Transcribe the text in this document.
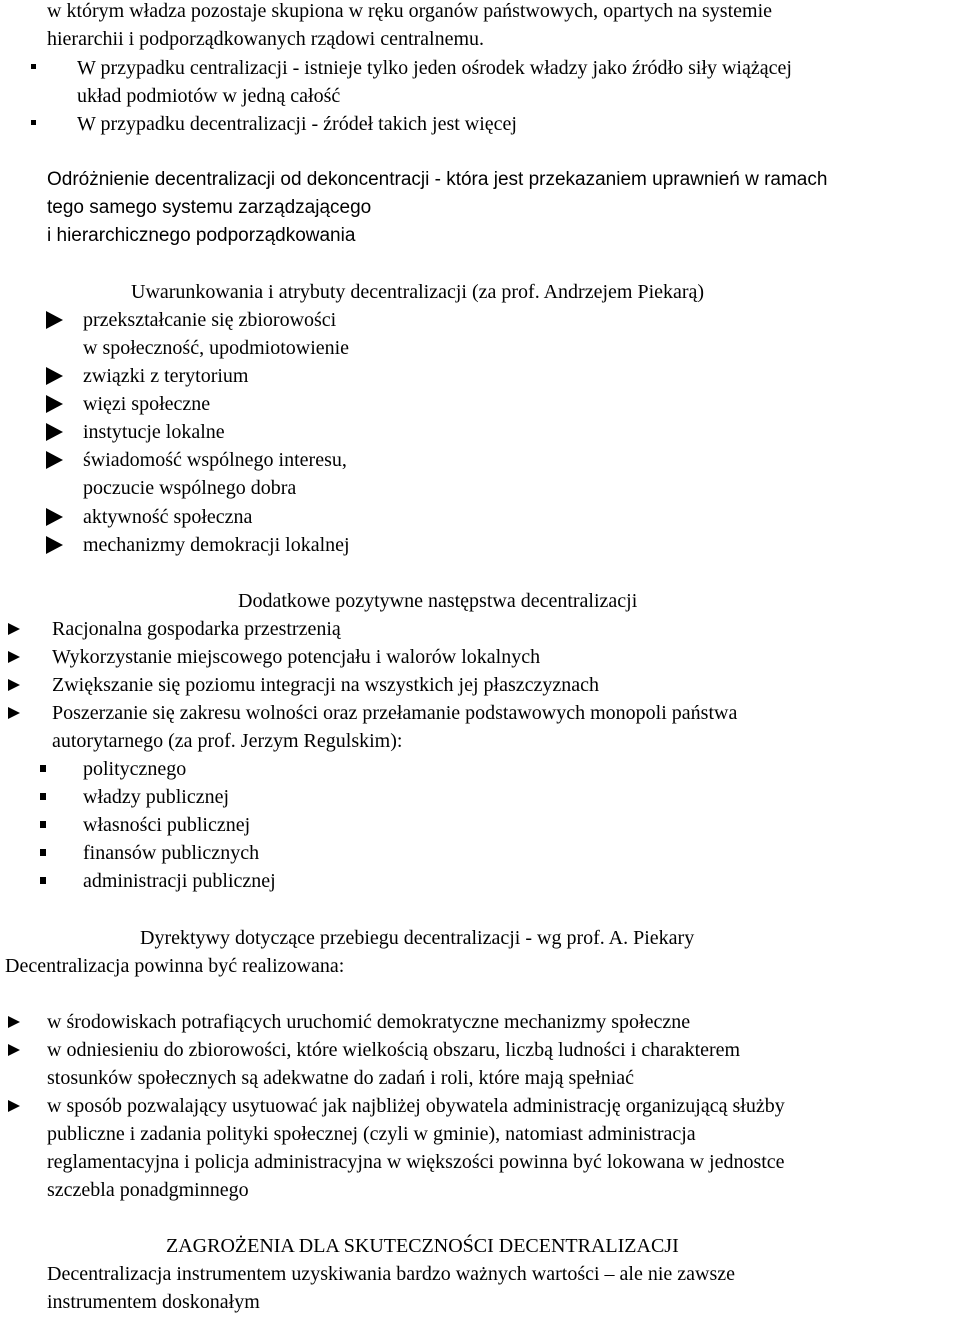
w którym władza pozostaje skupiona w ręku organów państwowych, opartych na systemie
hierarchii i podporządkowanych rządowi centralnemu.
W przypadku centralizacji - istnieje tylko jeden ośrodek władzy jako źródło siły wiążącej
układ podmiotów w jedną całość
W przypadku decentralizacji - źródeł takich jest więcej
Odróżnienie decentralizacji od dekoncentracji - która jest przekazaniem uprawnień w ramach
tego samego systemu zarządzającego
i hierarchicznego podporządkowania
Uwarunkowania i atrybuty decentralizacji (za prof. Andrzejem Piekarą)
przekształcanie się zbiorowości
w społeczność, upodmiotowienie
związki z terytorium
więzi społeczne
instytucje lokalne
świadomość wspólnego interesu,
poczucie wspólnego dobra
aktywność społeczna
mechanizmy demokracji lokalnej
Dodatkowe pozytywne następstwa decentralizacji
Racjonalna gospodarka przestrzenią
Wykorzystanie miejscowego potencjału i walorów lokalnych
Zwiększanie się poziomu integracji na wszystkich jej płaszczyznach
Poszerzanie się zakresu wolności oraz przełamanie podstawowych monopoli państwa
autorytarnego (za prof. Jerzym Regulskim):
politycznego
władzy publicznej
własności publicznej
finansów publicznych
administracji publicznej
Dyrektywy dotyczące przebiegu decentralizacji - wg prof. A. Piekary
Decentralizacja powinna być realizowana:
w środowiskach potrafiących uruchomić demokratyczne mechanizmy społeczne
w odniesieniu do zbiorowości, które wielkością obszaru, liczbą ludności i charakterem
stosunków społecznych są adekwatne do zadań i roli, które mają spełniać
w sposób pozwalający usytuować jak najbliżej obywatela administrację organizującą służby
publiczne i zadania polityki społecznej (czyli w gminie), natomiast administracja
reglamentacyjna i policja administracyjna w większości powinna być lokowana w jednostce
szczebla ponadgminnego
ZAGROŻENIA DLA SKUTECZNOŚCI DECENTRALIZACJI
Decentralizacja instrumentem uzyskiwania bardzo ważnych wartości – ale nie zawsze
instrumentem doskonałym
